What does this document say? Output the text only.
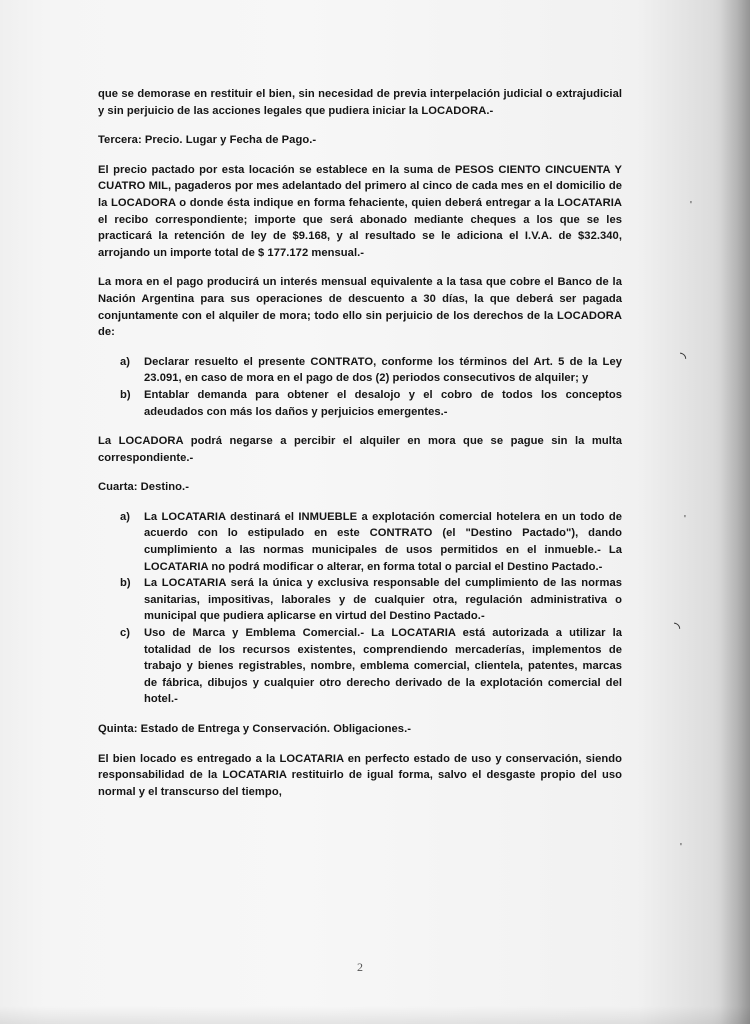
'
◝
'
◝
'

que se demorase en restituir el bien, sin necesidad de previa interpelación judicial o extrajudicial y sin perjuicio de las acciones legales que pudiera iniciar la LOCADORA.-

Tercera: Precio. Lugar y Fecha de Pago.-

El precio pactado por esta locación se establece en la suma de PESOS CIENTO CINCUENTA Y CUATRO MIL, pagaderos por mes adelantado del primero al cinco de cada mes en el domicilio de la LOCADORA o donde ésta indique en forma fehaciente, quien deberá entregar a la LOCATARIA el recibo correspondiente; importe que será abonado mediante cheques a los que se les practicará la retención de ley de $9.168, y al resultado se le adiciona el I.V.A. de $32.340, arrojando un importe total de $ 177.172 mensual.-

La mora en el pago producirá un interés mensual equivalente a la tasa que cobre el Banco de la Nación Argentina para sus operaciones de descuento a 30 días, la que deberá ser pagada conjuntamente con el alquiler de mora; todo ello sin perjuicio de los derechos de la LOCADORA de:

a) Declarar resuelto el presente CONTRATO, conforme los términos del Art. 5 de la Ley 23.091, en caso de mora en el pago de dos (2) periodos consecutivos de alquiler; y
b) Entablar demanda para obtener el desalojo y el cobro de todos los conceptos adeudados con más los daños y perjuicios emergentes.-

La LOCADORA podrá negarse a percibir el alquiler en mora que se pague sin la multa correspondiente.-

Cuarta: Destino.-

a) La LOCATARIA destinará el INMUEBLE a explotación comercial hotelera en un todo de acuerdo con lo estipulado en este CONTRATO (el "Destino Pactado"), dando cumplimiento a las normas municipales de usos permitidos en el inmueble.- La LOCATARIA no podrá modificar o alterar, en forma total o parcial el Destino Pactado.-
b) La LOCATARIA será la única y exclusiva responsable del cumplimiento de las normas sanitarias, impositivas, laborales y de cualquier otra, regulación administrativa o municipal que pudiera aplicarse en virtud del Destino Pactado.-
c) Uso de Marca y Emblema Comercial.- La LOCATARIA está autorizada a utilizar la totalidad de los recursos existentes, comprendiendo mercaderías, implementos de trabajo y bienes registrables, nombre, emblema comercial, clientela, patentes, marcas de fábrica, dibujos y cualquier otro derecho derivado de la explotación comercial del hotel.-

Quinta: Estado de Entrega y Conservación. Obligaciones.-

El bien locado es entregado a la LOCATARIA en perfecto estado de uso y conservación, siendo responsabilidad de la LOCATARIA restituirlo de igual forma, salvo el desgaste propio del uso normal y el transcurso del tiempo,

2
